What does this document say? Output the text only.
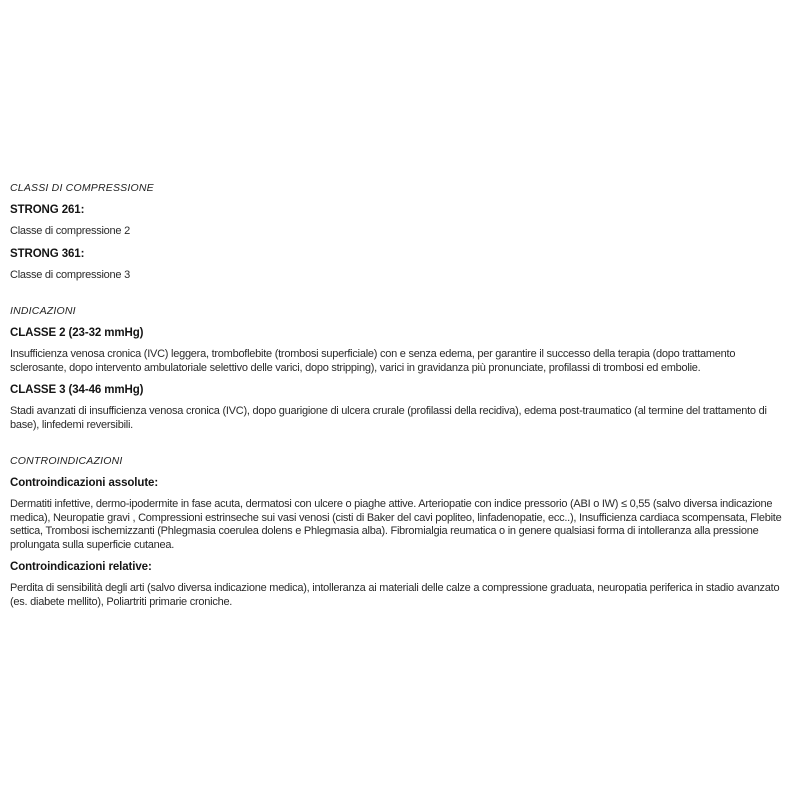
CLASSI DI COMPRESSIONE
STRONG 261:

Classe di compressione 2

STRONG 361:

Classe di compressione 3

INDICAZIONI
CLASSE 2 (23-32 mmHg)

Insufficienza venosa cronica (IVC) leggera, tromboflebite (trombosi superficiale) con e senza edema, per garantire il successo della terapia (dopo trattamento sclerosante, dopo intervento ambulatoriale selettivo delle varici, dopo stripping), varici in gravidanza più pronunciate, profilassi di trombosi ed embolie.

CLASSE 3 (34-46 mmHg)

Stadi avanzati di insufficienza venosa cronica (IVC), dopo guarigione di ulcera crurale (profilassi della recidiva), edema post-traumatico (al termine del trattamento di base), linfedemi reversibili.

CONTROINDICAZIONI
Controindicazioni assolute:

Dermatiti infettive, dermo-ipodermite in fase acuta, dermatosi con ulcere o piaghe attive. Arteriopatie con indice pressorio (ABI o IW) ≤ 0,55 (salvo diversa indicazione medica), Neuropatie gravi , Compressioni estrinseche sui vasi venosi (cisti di Baker del cavi popliteo, linfadenopatie, ecc..), Insufficienza cardiaca scompensata, Flebite settica, Trombosi ischemizzanti (Phlegmasia coerulea dolens e Phlegmasia alba). Fibromialgia reumatica o in genere qualsiasi forma di intolleranza alla pressione prolungata sulla superficie cutanea.

Controindicazioni relative:

Perdita di sensibilità degli arti (salvo diversa indicazione medica), intolleranza ai materiali delle calze a compressione graduata, neuropatia periferica in stadio avanzato (es. diabete mellito), Poliartriti primarie croniche.
